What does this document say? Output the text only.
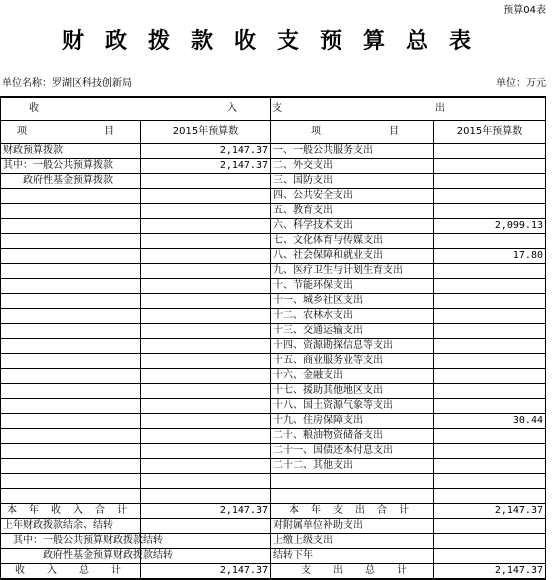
预算04表
财政拨款收支预算总表
单位名称：罗湖区科技创新局	单位：万元
收 入 支		出	

项 目	2015年预算数	项 目	2015年预算数
财政预算拨款	2,147.37	一、一般公共服务支出	
其中：一般公共预算拨款	2,147.37	二、外交支出	
　　政府性基金预算拨款		三、国防支出	
		四、公共安全支出	
		五、教育支出	
		六、科学技术支出	2,099.13
		七、文化体育与传媒支出	
		八、社会保障和就业支出	17.80
		九、医疗卫生与计划生育支出	
		十、节能环保支出	
		十一、城乡社区支出	
		十二、农林水支出	
		十三、交通运输支出	
		十四、资源勘探信息等支出	
		十五、商业服务业等支出	
		十六、金融支出	
		十七、援助其他地区支出	
		十八、国土资源气象等支出	
		十九、住房保障支出	30.44
		二十、粮油物资储备支出	
		二十一、国债还本付息支出	
		二十二、其他支出	

本年收入合计	2,147.37	本年支出合计	2,147.37
上年财政拨款结余、结转		对附属单位补助支出	
　其中：一般公共预算财政拨款结转		上缴上级支出	
　　　　政府性基金预算财政拨款结转		结转下年	
收入总计	2,147.37	支出总计	2,147.37
